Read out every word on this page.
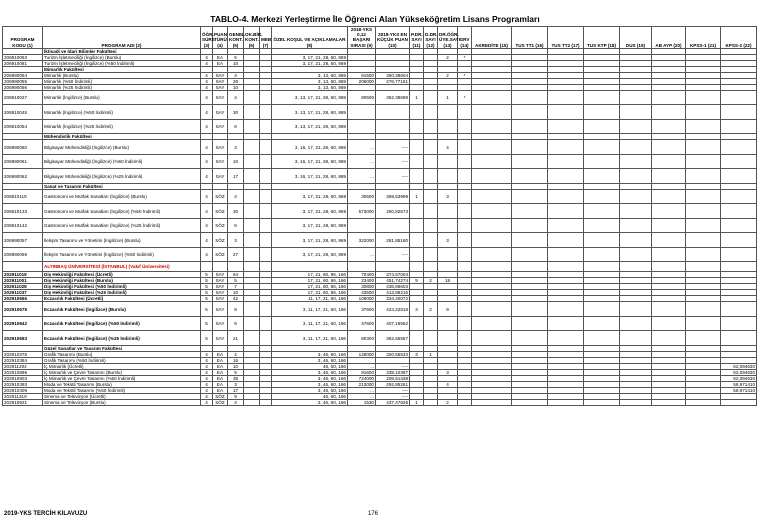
TABLO-4. Merkezi Yerleştirme İle Öğrenci Alan Yükseköğretim Lisans Programları
PROGRAM KODU (1)	PROGRAM ADI (2)	ÖĞR. SÜRE (3)	PUAN TÜRÜ (4)	GENEL KONT. (5)	OK.BİR. KONT. (6)	MEB (7)	ÖZEL KOŞUL VE AÇIKLAMALAR (8)	2018-YKS 0,12 BAŞARI SIRASI (9)	2018-YKS EN KÜÇÜK PUAN (10)	P.DR. SAYI (11)	D.DR. SAYI (12)	DR.ÖĞR. ÜYE.SAYI (13)	GRV (14)	AKREDİTE (15)	TUS TT1 (16)	TUS TT2 (17)	TUS KTP (18)	DUS (19)	AB AYP (20)	KPSS-1 (21)	KPSS-2 (22)
	İktisadi ve İdari Bilimler Fakültesi																				
206910063	Turizm İşletmeciliği (İngilizce) (Burslu)	4	EA	5			3, 17, 21, 28, 60, 869					2	*								
206910081	Turizm İşletmeciliği (İngilizce) (%50 İndirimli)	4	EA	10			3, 17, 21, 28, 60, 869														
	Mimarlık Fakültesi																				
206990054	Mimarlık (Burslu)	4	SAY	4			3, 13, 60, 869	91500	350,38604			2	*								
206990055	Mimarlık (%50 İndirimli)	4	SAY	26			3, 13, 60, 869	206000	276,77161												
206990056	Mimarlık (%25 İndirimli)	4	SAY	10			3, 13, 60, 869														
206910027	Mimarlık (İngilizce) (Burslu)	4	SAY	4			3, 13, 17, 21, 28, 60, 869	80500	362,38699	1		1	*								
206910045	Mimarlık (İngilizce) (%50 İndirimli)	4	SAY	30			3, 13, 17, 21, 28, 60, 869														
206910054	Mimarlık (İngilizce) (%25 İndirimli)	4	SAY	6			3, 13, 17, 21, 28, 60, 869														
	Mühendislik Fakültesi																				
206990060	Bilgisayar Mühendisliği (İngilizce) (Burslu)	4	SAY	3			3, 16, 17, 21, 28, 60, 869	...	----			4									
206990061	Bilgisayar Mühendisliği (İngilizce) (%50 İndirimli)	4	SAY	10			3, 16, 17, 21, 28, 60, 869	...	----												
206990062	Bilgisayar Mühendisliği (İngilizce) (%25 İndirimli)	4	SAY	17			3, 16, 17, 21, 28, 60, 869	...	----												
	Sanat ve Tasarım Fakültesi																				
206910115	Gastronomi ve Mutfak Sanatları (İngilizce) (Burslu)	4	SÖZ	4			3, 17, 21, 28, 60, 869	30600	369,53999	1		3									
206910133	Gastronomi ve Mutfak Sanatları (İngilizce) (%50 İndirimli)	4	SÖZ	30			3, 17, 21, 28, 60, 869	573000	250,82673												
206910142	Gastronomi ve Mutfak Sanatları (İngilizce) (%25 İndirimli)	4	SÖZ	6			3, 17, 21, 28, 60, 869														
206990057	İletişim Tasarımı ve Yönetimi (İngilizce) (Burslu)	4	SÖZ	3			3, 17, 21, 28, 60, 869	322000	281,85180			3									
206990059	İletişim Tasarımı ve Yönetimi (İngilizce) (%50 İndirimli)	4	SÖZ	27			3, 17, 21, 28, 60, 869	...	----												
	ALTINBAŞ ÜNİVERSİTESİ (İSTANBUL) (Vakıf Üniversitesi)																				
202911019	Diş Hekimliği Fakültesi (Ücretli)	5	SAY	64			17, 21, 60, 86, 166	70400	374,57004												
202911001	Diş Hekimliği Fakültesi (Burslu)	5	SAY	5			17, 21, 60, 86, 166	23400	451,74274	9	2	18									
202911028	Diş Hekimliği Fakültesi (%50 İndirimli)	5	SAY	7			17, 21, 60, 86, 166	30800	436,86603												
202911037	Diş Hekimliği Fakültesi (%25 İndirimli)	5	SAY	10			17, 21, 60, 86, 166	43500	413,88215												
202910666	Eczacılık Fakültesi (Ücretli)	5	SAY	42			11, 17, 21, 60, 166	109000	334,40072												
202910675	Eczacılık Fakültesi (İngilizce) (Burslu)	5	SAY	8			3, 11, 17, 21, 60, 166	37600	424,22818	3	2	9									
202910842	Eczacılık Fakültesi (İngilizce) (%50 İndirimli)	5	SAY	9			3, 11, 17, 21, 60, 166	47600	407,16562												
202910693	Eczacılık Fakültesi (İngilizce) (%25 İndirimli)	5	SAY	21			3, 11, 17, 21, 60, 166	80300	362,65557												
	Güzel Sanatlar ve Tasarım Fakültesi																				
202910375	Grafik Tasarımı (Burslu)	4	EA	4			3, 46, 60, 166	128000	320,55533	3	1										
202910384	Grafik Tasarımı (%50 İndirimli)	4	EA	16			3, 46, 60, 166														
202911294	İç Mimarlık (Ücretli)	4	EA	10			46, 60, 166	...	----												62,094630
202910896	İç Mimarlık ve Çevre Tasarımı (Burslu)	4	EA	5			3, 46, 60, 166	91600	338,10397			3									62,094630
202910903	İç Mimarlık ve Çevre Tasarımı (%50 İndirimli)	4	EA	35			3, 46, 60, 166	724000	208,51438												62,094630
202910393	Moda ve Tekstil Tasarımı (Burslu)	4	EA	3			3, 46, 60, 166	213000	292,85261			4									58,971410
202910409	Moda ve Tekstil Tasarımı (%50 İndirimli)	4	EA	17			3, 46, 60, 166	...	----												58,971410
202911319	Sinema ve Televizyon (Ücretli)	4	SÖZ	9			46, 60, 166	...	----												
202910921	Sinema ve Televizyon (Burslu)	4	SÖZ	4			3, 46, 60, 166	1530	437,47626	1		2									
2019-YKS TERCİH KILAVUZU	176
